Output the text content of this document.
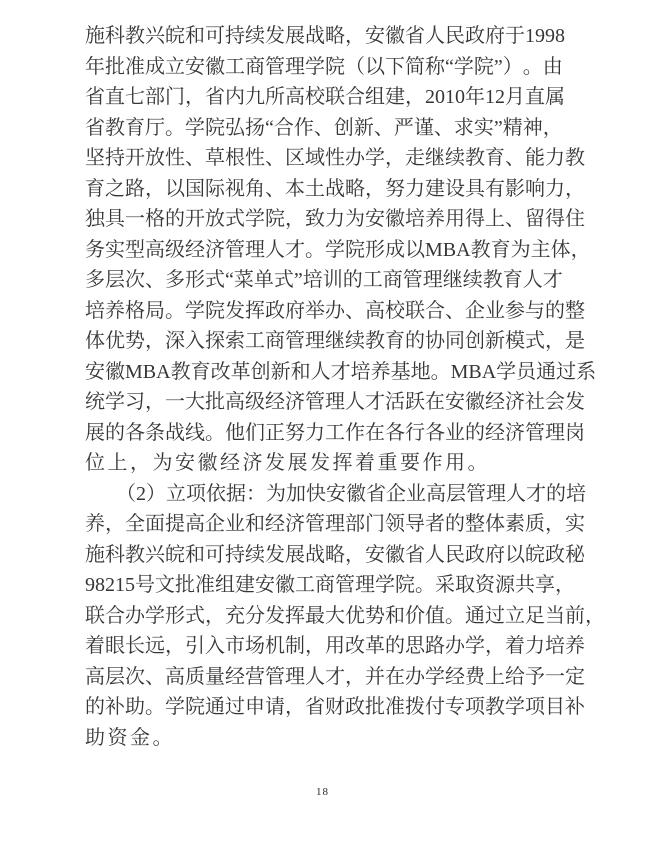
施 科 教 兴 皖 和 可 持 续 发 展 战 略 ， 安 徽 省 人 民 政 府 于 1998
年 批 准 成 立 安 徽 工 商 管 理 学 院 （ 以 下 简 称 “ 学 院 ” ） 。 由
省 直 七 部 门 ， 省 内 九 所 高 校 联 合 组 建 ， 2010 年 12 月 直 属
省 教 育 厅 。 学 院 弘 扬 “ 合 作 、 创 新 、 严 谨 、 求 实 ” 精 神 ，
坚 持 开 放 性 、 草 根 性 、 区 域 性 办 学 ， 走 继 续 教 育 、 能 力 教
育 之 路 ， 以 国 际 视 角 、 本 土 战 略 ， 努 力 建 设 具 有 影 响 力 ，
独 具 一 格 的 开 放 式 学 院 ， 致 力 为 安 徽 培 养 用 得 上 、 留 得 住
务 实 型 高 级 经 济 管 理 人 才 。 学 院 形 成 以 MBA 教 育 为 主 体 ，
多 层 次 、 多 形 式 “ 菜 单 式 ” 培 训 的 工 商 管 理 继 续 教 育 人 才
培 养 格 局 。 学 院 发 挥 政 府 举 办 、 高 校 联 合 、 企 业 参 与 的 整
体 优 势 ， 深 入 探 索 工 商 管 理 继 续 教 育 的 协 同 创 新 模 式 ， 是
安 徽 MBA 教 育 改 革 创 新 和 人 才 培 养 基 地 。 MBA 学 员 通 过 系
统 学 习 ， 一 大 批 高 级 经 济 管 理 人 才 活 跃 在 安 徽 经 济 社 会 发
展 的 各 条 战 线 。 他 们 正 努 力 工 作 在 各 行 各 业 的 经 济 管 理 岗
位上，为安徽经济发展发挥着重要作用。
（ 2 ） 立 项 依 据 ： 为 加 快 安 徽 省 企 业 高 层 管 理 人 才 的 培
养 ， 全 面 提 高 企 业 和 经 济 管 理 部 门 领 导 者 的 整 体 素 质 ， 实
施 科 教 兴 皖 和 可 持 续 发 展 战 略 ， 安 徽 省 人 民 政 府 以 皖 政 秘
98215 号 文 批 准 组 建 安 徽 工 商 管 理 学 院 。 采 取 资 源 共 享 ，
联 合 办 学 形 式 ， 充 分 发 挥 最 大 优 势 和 价 值 。 通 过 立 足 当 前 ，
着 眼 长 远 ， 引 入 市 场 机 制 ， 用 改 革 的 思 路 办 学 ， 着 力 培 养
高 层 次 、 高 质 量 经 营 管 理 人 才 ， 并 在 办 学 经 费 上 给 予 一 定
的 补 助 。 学 院 通 过 申 请 ， 省 财 政 批 准 拨 付 专 项 教 学 项 目 补
助资金。
18
